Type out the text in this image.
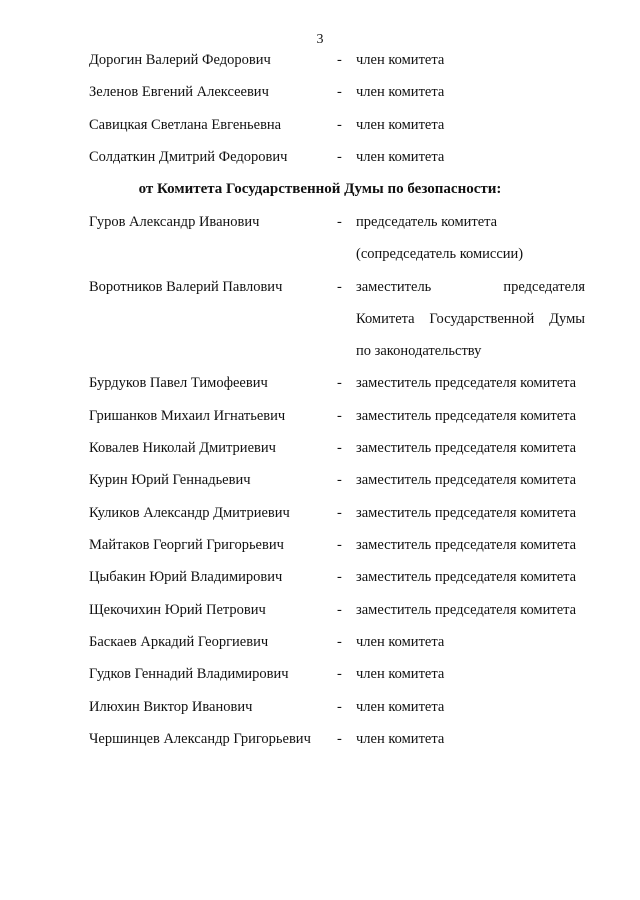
3
Дорогин Валерий Федорович	- член комитета
Зеленов Евгений Алексеевич	- член комитета
Савицкая Светлана Евгеньевна	- член комитета
Солдаткин Дмитрий Федорович	- член комитета
от Комитета Государственной Думы по безопасности:
Гуров Александр Иванович	- председатель комитета
(сопредседатель комиссии)
Воротников Валерий Павлович	- заместитель председателя
Комитета Государственной Думы
по законодательству
Бурдуков Павел Тимофеевич	- заместитель председателя комитета
Гришанков Михаил Игнатьевич	- заместитель председателя комитета
Ковалев Николай Дмитриевич	- заместитель председателя комитета
Курин Юрий Геннадьевич	- заместитель председателя комитета
Куликов Александр Дмитриевич	- заместитель председателя комитета
Майтаков Георгий Григорьевич	- заместитель председателя комитета
Цыбакин Юрий Владимирович	- заместитель председателя комитета
Щекочихин Юрий Петрович	- заместитель председателя комитета
Баскаев Аркадий Георгиевич	- член комитета
Гудков Геннадий Владимирович	- член комитета
Илюхин Виктор Иванович	- член комитета
Чершинцев Александр Григорьевич - член комитета
